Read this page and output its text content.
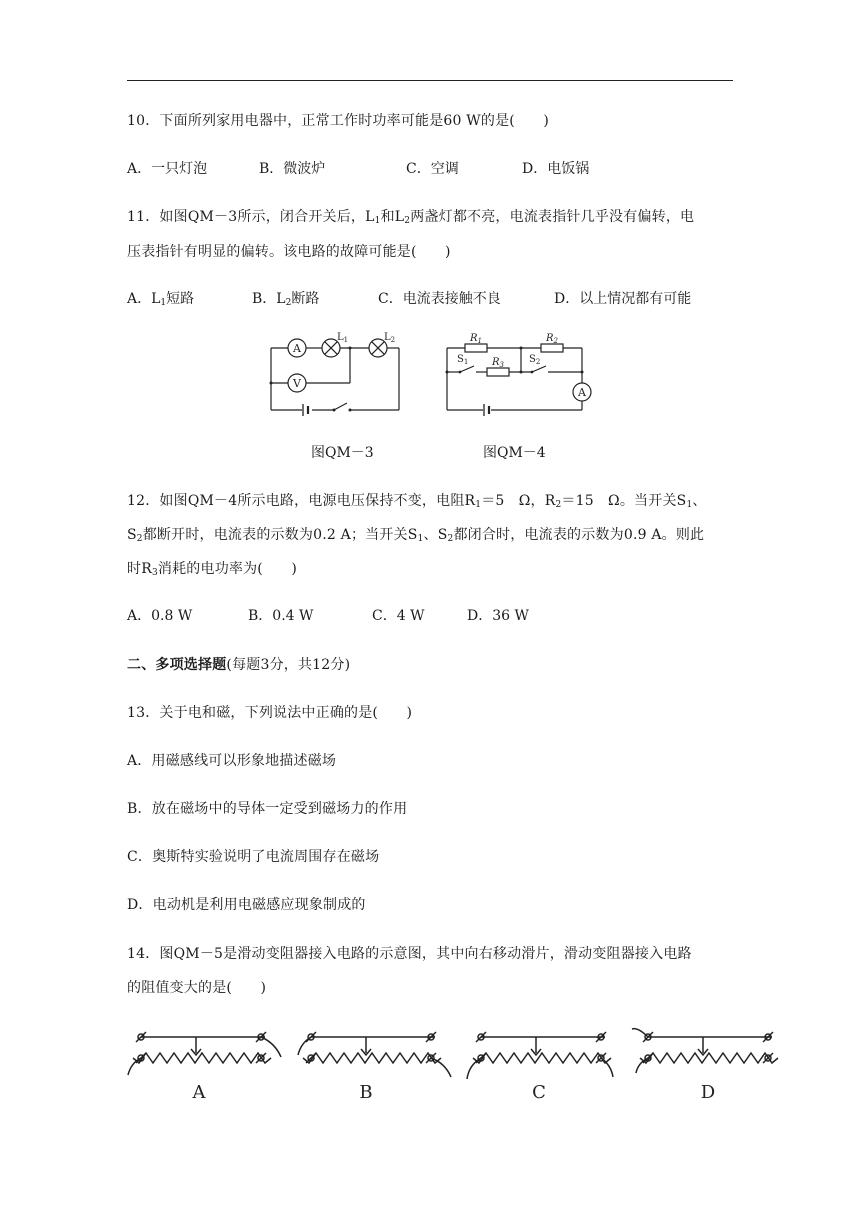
10．下面所列家用电器中，正常工作时功率可能是60 W的是(　　)
A．一只灯泡	B．微波炉	C．空调	D．电饭锅
11．如图QM－3所示，闭合开关后，$L_1$和$L_2$两盏灯都不亮，电流表指针几乎没有偏转，电
压表指针有明显的偏转。该电路的故障可能是(　　)
A．$L_1$短路	B．$L_2$断路	C．电流表接触不良	D．以上情况都有可能
A
V
$L_1$	$L_2$
图QM－3
A
$R_1$	$R_2$
$R_3$
$S_1$	$S_2$
图QM－4
12．如图QM－4所示电路，电源电压保持不变，电阻$R_1=5$　Ω，$R_2=15$　Ω。当开关$S_1$、
$S_2$都断开时，电流表的示数为0.2 A；当开关$S_1$、$S_2$都闭合时，电流表的示数为0.9 A。则此
时$R_3$消耗的电功率为(　　)
A．0.8 W	B．0.4 W	C．4 W	D．36 W
二、多项选择题(每题3分，共12分)
13．关于电和磁，下列说法中正确的是(　　)
A．用磁感线可以形象地描述磁场
B．放在磁场中的导体一定受到磁场力的作用
C．奥斯特实验说明了电流周围存在磁场
D．电动机是利用电磁感应现象制成的
14．图QM－5是滑动变阻器接入电路的示意图，其中向右移动滑片，滑动变阻器接入电路
的阻值变大的是(　　)
A	B	C	D
